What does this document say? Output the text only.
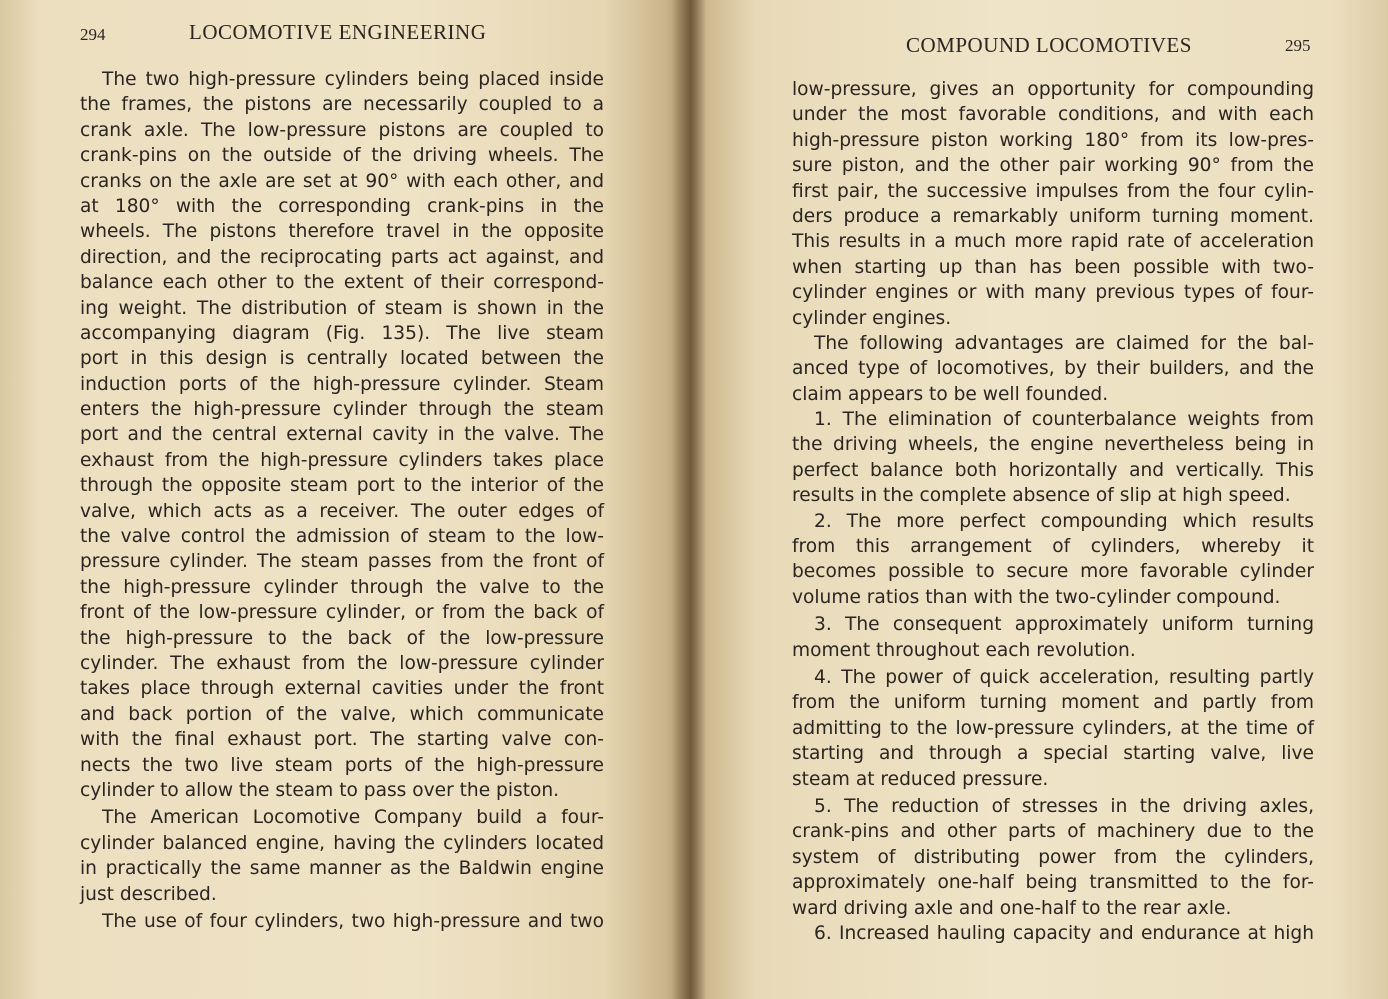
294	LOCOMOTIVE ENGINEERING
The two high-pressure cylinders being placed inside
the frames, the pistons are necessarily coupled to a
crank axle. The low-pressure pistons are coupled to
crank-pins on the outside of the driving wheels. The
cranks on the axle are set at 90° with each other, and
at 180° with the corresponding crank-pins in the
wheels. The pistons therefore travel in the opposite
direction, and the reciprocating parts act against, and
balance each other to the extent of their correspond-
ing weight. The distribution of steam is shown in the
accompanying diagram (Fig. 135). The live steam
port in this design is centrally located between the
induction ports of the high-pressure cylinder. Steam
enters the high-pressure cylinder through the steam
port and the central external cavity in the valve. The
exhaust from the high-pressure cylinders takes place
through the opposite steam port to the interior of the
valve, which acts as a receiver. The outer edges of
the valve control the admission of steam to the low-
pressure cylinder. The steam passes from the front of
the high-pressure cylinder through the valve to the
front of the low-pressure cylinder, or from the back of
the high-pressure to the back of the low-pressure
cylinder. The exhaust from the low-pressure cylinder
takes place through external cavities under the front
and back portion of the valve, which communicate
with the final exhaust port. The starting valve con-
nects the two live steam ports of the high-pressure
cylinder to allow the steam to pass over the piston.
The American Locomotive Company build a four-
cylinder balanced engine, having the cylinders located
in practically the same manner as the Baldwin engine
just described.
The use of four cylinders, two high-pressure and two
COMPOUND LOCOMOTIVES	295
low-pressure, gives an opportunity for compounding
under the most favorable conditions, and with each
high-pressure piston working 180° from its low-pres-
sure piston, and the other pair working 90° from the
first pair, the successive impulses from the four cylin-
ders produce a remarkably uniform turning moment.
This results in a much more rapid rate of acceleration
when starting up than has been possible with two-
cylinder engines or with many previous types of four-
cylinder engines.
The following advantages are claimed for the bal-
anced type of locomotives, by their builders, and the
claim appears to be well founded.
1. The elimination of counterbalance weights from
the driving wheels, the engine nevertheless being in
perfect balance both horizontally and vertically. This
results in the complete absence of slip at high speed.
2. The more perfect compounding which results
from this arrangement of cylinders, whereby it
becomes possible to secure more favorable cylinder
volume ratios than with the two-cylinder compound.
3. The consequent approximately uniform turning
moment throughout each revolution.
4. The power of quick acceleration, resulting partly
from the uniform turning moment and partly from
admitting to the low-pressure cylinders, at the time of
starting and through a special starting valve, live
steam at reduced pressure.
5. The reduction of stresses in the driving axles,
crank-pins and other parts of machinery due to the
system of distributing power from the cylinders,
approximately one-half being transmitted to the for-
ward driving axle and one-half to the rear axle.
6. Increased hauling capacity and endurance at high
